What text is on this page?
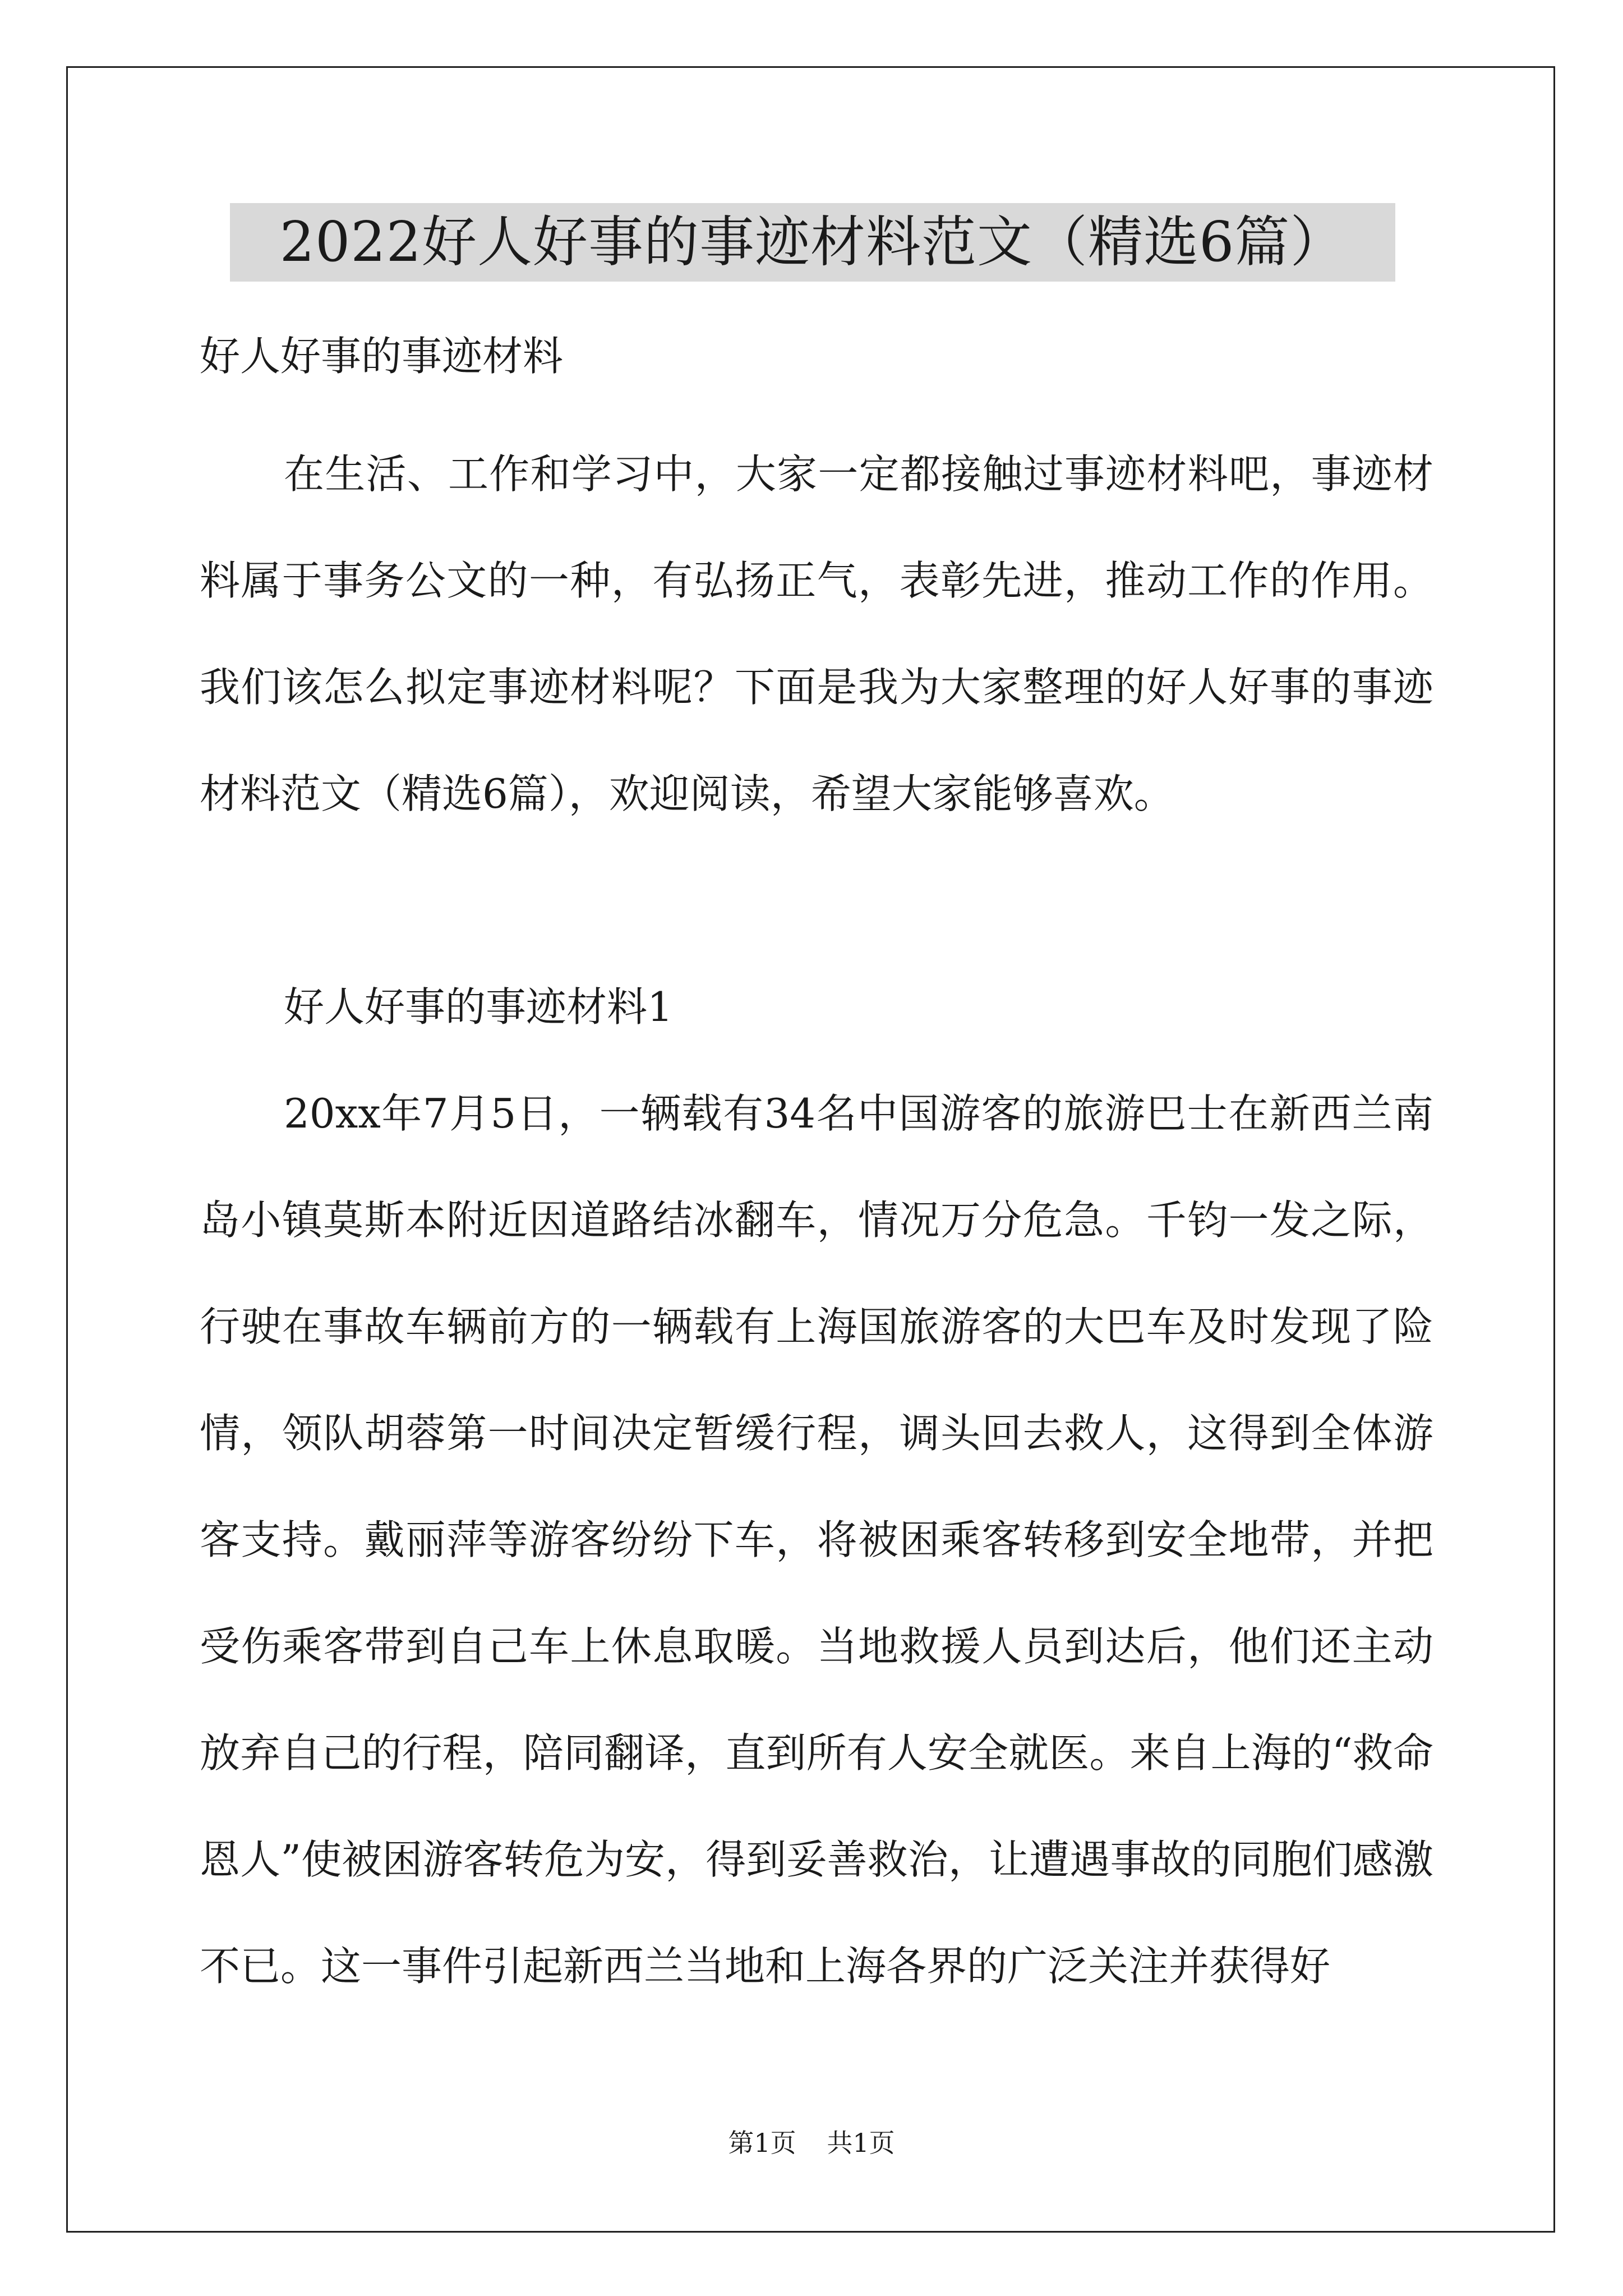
2022好人好事的事迹材料范文（精选6篇）

好人好事的事迹材料

在生活、工作和学习中，大家一定都接触过事迹材料吧，事迹材料属于事务公文的一种，有弘扬正气，表彰先进，推动工作的作用。我们该怎么拟定事迹材料呢？下面是我为大家整理的好人好事的事迹材料范文（精选6篇），欢迎阅读，希望大家能够喜欢。

好人好事的事迹材料1

20xx年7月5日，一辆载有34名中国游客的旅游巴士在新西兰南岛小镇莫斯本附近因道路结冰翻车，情况万分危急。千钧一发之际，行驶在事故车辆前方的一辆载有上海国旅游客的大巴车及时发现了险情，领队胡蓉第一时间决定暂缓行程，调头回去救人，这得到全体游客支持。戴丽萍等游客纷纷下车，将被困乘客转移到安全地带，并把受伤乘客带到自己车上休息取暖。当地救援人员到达后，他们还主动放弃自己的行程，陪同翻译，直到所有人安全就医。来自上海的“救命恩人”使被困游客转危为安，得到妥善救治，让遭遇事故的同胞们感激不已。这一事件引起新西兰当地和上海各界的广泛关注并获得好

第1页 共1页
